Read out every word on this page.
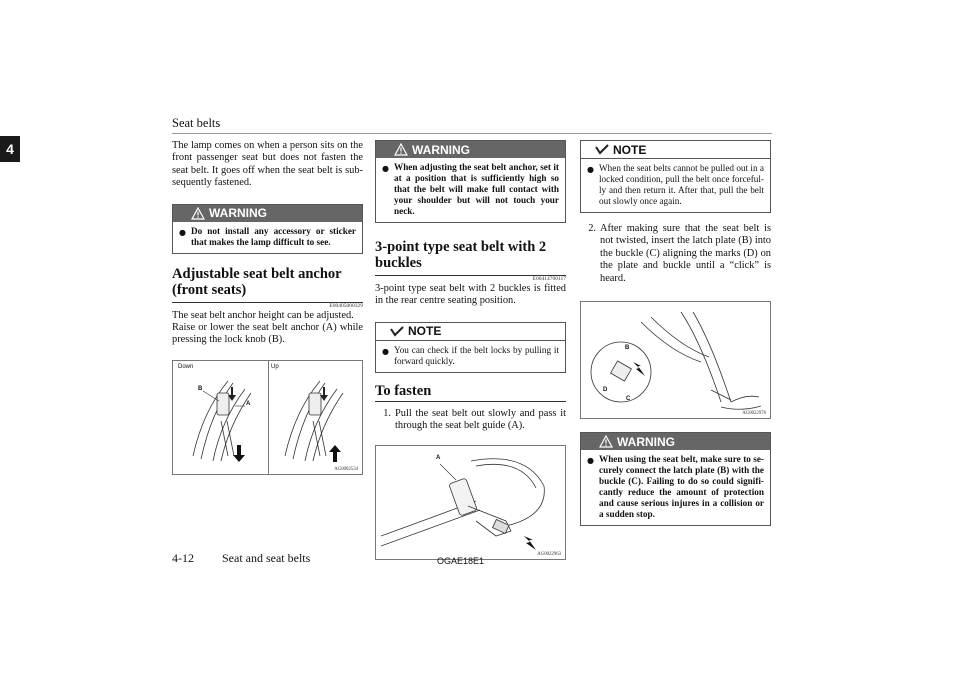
Seat belts
4	The lamp comes on when a person sits on the front passenger seat but does not fasten the seat belt. It goes off when the seat belt is sub-sequently fastened.

WARNING
● Do not install any accessory or sticker that makes the lamp difficult to see.
Adjustable seat belt anchor (front seats)
E00405000329

The seat belt anchor height can be adjusted.

Raise or lower the seat belt anchor (A) while pressing the lock knob (B).

Down	Up
B
A
AG0002534
WARNING
● When adjusting the seat belt anchor, set it at a position that is sufficiently high so that the belt will make full contact with your shoulder but will not touch your neck.
3-point type seat belt with 2 buckles
E00414700117

3-point type seat belt with 2 buckles is fitted in the rear centre seating position.

NOTE
● You can check if the belt locks by pulling it forward quickly.
To fasten
1. Pull the seat belt out slowly and pass it through the seat belt guide (A).
A
AG0022963
NOTE
● When the seat belts cannot be pulled out in a locked condition, pull the belt once forceful-ly and then return it. After that, pull the belt out slowly once again.
2. After making sure that the seat belt is not twisted, insert the latch plate (B) into the buckle (C) aligning the marks (D) on the plate and buckle until a “click” is heard.
B
C
D
AG0022976
WARNING
● When using the seat belt, make sure to se-curely connect the latch plate (B) with the buckle (C). Failing to do so could signifi-cantly reduce the amount of protection and cause serious injures in a collision or a sudden stop.
4-12 Seat and seat belts	OGAE18E1
